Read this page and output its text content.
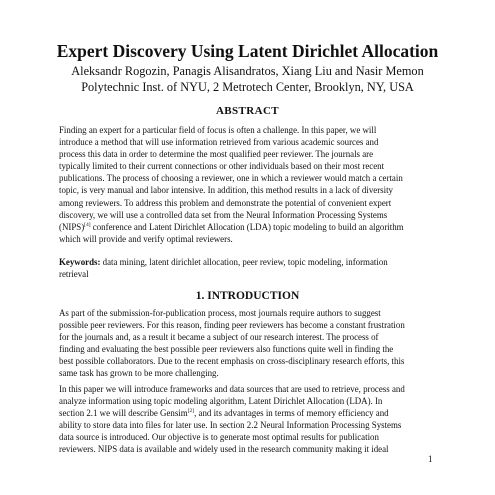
Expert Discovery Using Latent Dirichlet Allocation
Aleksandr Rogozin, Panagis Alisandratos, Xiang Liu and Nasir Memon
Polytechnic Inst. of NYU, 2 Metrotech Center, Brooklyn, NY, USA
ABSTRACT
Finding an expert for a particular field of focus is often a challenge. In this paper, we will
introduce a method that will use information retrieved from various academic sources and
process this data in order to determine the most qualified peer reviewer. The journals are
typically limited to their current connections or other individuals based on their most recent
publications. The process of choosing a reviewer, one in which a reviewer would match a certain
topic, is very manual and labor intensive. In addition, this method results in a lack of diversity
among reviewers. To address this problem and demonstrate the potential of convenient expert
discovery, we will use a controlled data set from the Neural Information Processing Systems
(NIPS)[4] conference and Latent Dirichlet Allocation (LDA) topic modeling to build an algorithm
which will provide and verify optimal reviewers.
Keywords: data mining, latent dirichlet allocation, peer review, topic modeling, information
retrieval
1. INTRODUCTION
As part of the submission-for-publication process, most journals require authors to suggest
possible peer reviewers. For this reason, finding peer reviewers has become a constant frustration
for the journals and, as a result it became a subject of our research interest. The process of
finding and evaluating the best possible peer reviewers also functions quite well in finding the
best possible collaborators. Due to the recent emphasis on cross-disciplinary research efforts, this
same task has grown to be more challenging.
In this paper we will introduce frameworks and data sources that are used to retrieve, process and
analyze information using topic modeling algorithm, Latent Dirichlet Allocation (LDA). In
section 2.1 we will describe Gensim[2], and its advantages in terms of memory efficiency and
ability to store data into files for later use. In section 2.2 Neural Information Processing Systems
data source is introduced. Our objective is to generate most optimal results for publication
reviewers. NIPS data is available and widely used in the research community making it ideal
1
